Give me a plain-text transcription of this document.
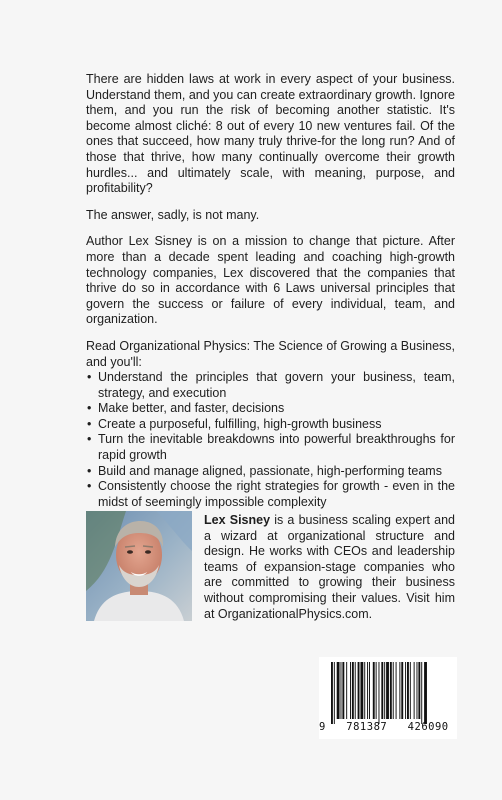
There are hidden laws at work in every aspect of your business. Understand them, and you can create extraordinary growth. Ignore them, and you run the risk of becoming another statistic. It's become almost cliché: 8 out of every 10 new ventures fail. Of the ones that succeed, how many truly thrive-for the long run? And of those that thrive, how many continually overcome their growth hurdles... and ultimately scale, with meaning, purpose, and profitability?

The answer, sadly, is not many.

Author Lex Sisney is on a mission to change that picture. After more than a decade spent leading and coaching high-growth technology companies, Lex discovered that the companies that thrive do so in accordance with 6 Laws universal principles that govern the success or failure of every individual, team, and organization.

Read Organizational Physics: The Science of Growing a Business, and you'll:

• Understand the principles that govern your business, team, strategy, and execution
• Make better, and faster, decisions
• Create a purposeful, fulfilling, high-growth business
• Turn the inevitable breakdowns into powerful breakthroughs for rapid growth
• Build and manage aligned, passionate, high-performing teams
• Consistently choose the right strategies for growth - even in the midst of seemingly impossible complexity
Lex Sisney is a business scaling expert and a wizard at organizational structure and design. He works with CEOs and leadership teams of expansion-stage companies who are committed to growing their business without compromising their values. Visit him at OrganizationalPhysics.com.
9   781387   426090
